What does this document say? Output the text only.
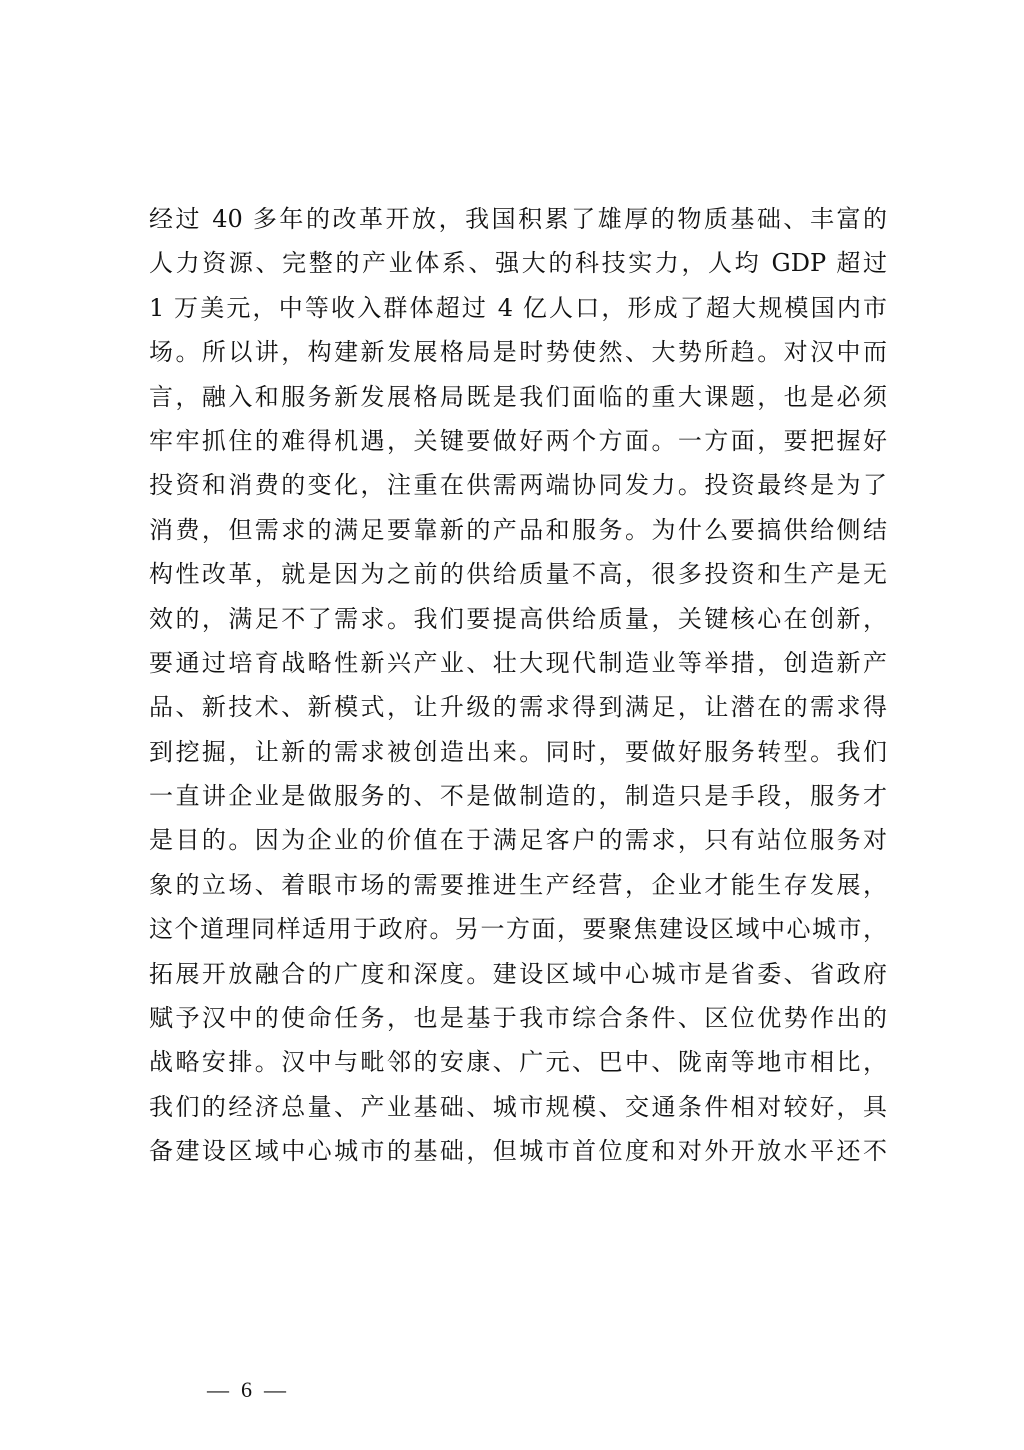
经过 40 多年的改革开放，我国积累了雄厚的物质基础、丰富的
人力资源、完整的产业体系、强大的科技实力，人均 GDP 超过
1 万美元，中等收入群体超过 4 亿人口，形成了超大规模国内市
场。所以讲，构建新发展格局是时势使然、大势所趋。对汉中而
言，融入和服务新发展格局既是我们面临的重大课题，也是必须
牢牢抓住的难得机遇，关键要做好两个方面。一方面，要把握好
投资和消费的变化，注重在供需两端协同发力。投资最终是为了
消费，但需求的满足要靠新的产品和服务。为什么要搞供给侧结
构性改革，就是因为之前的供给质量不高，很多投资和生产是无
效的，满足不了需求。我们要提高供给质量，关键核心在创新，
要通过培育战略性新兴产业、壮大现代制造业等举措，创造新产
品、新技术、新模式，让升级的需求得到满足，让潜在的需求得
到挖掘，让新的需求被创造出来。同时，要做好服务转型。我们
一直讲企业是做服务的、不是做制造的，制造只是手段，服务才
是目的。因为企业的价值在于满足客户的需求，只有站位服务对
象的立场、着眼市场的需要推进生产经营，企业才能生存发展，
这个道理同样适用于政府。另一方面，要聚焦建设区域中心城市，
拓展开放融合的广度和深度。建设区域中心城市是省委、省政府
赋予汉中的使命任务，也是基于我市综合条件、区位优势作出的
战略安排。汉中与毗邻的安康、广元、巴中、陇南等地市相比，
我们的经济总量、产业基础、城市规模、交通条件相对较好，具
备建设区域中心城市的基础，但城市首位度和对外开放水平还不

— 6 —
